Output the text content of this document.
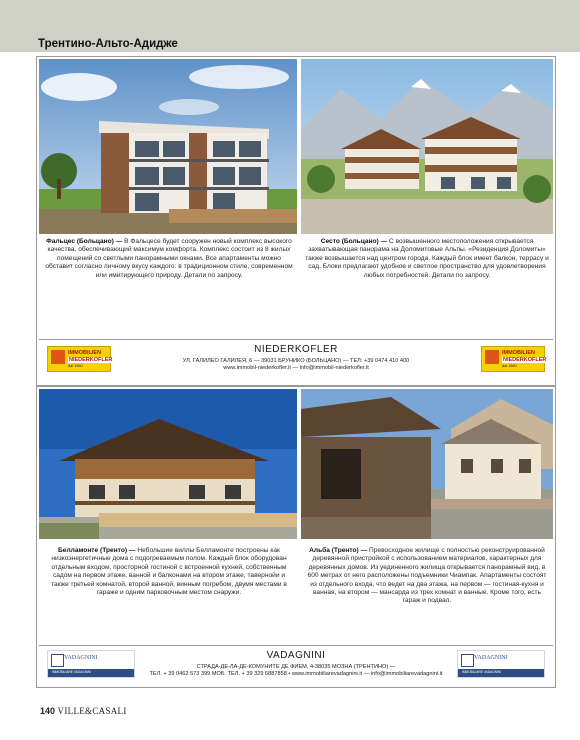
Трентино-Альто-Адидже
Фальцес (Больцано) — В Фальцесе будет сооружен новый комплекс высокого качества, обеспечивающий максимум комфорта. Комплекс состоит из 8 жилых помещений со светлыми панорамными окнами. Все апартаменты можно обставит согласно личному вкусу каждого: в традиционном стиле, современном или имитирующего природу. Детали по запросу.
Сесто (Больцано) — С возвышенного местоположения открывается захватывающая панорама на Доломитовые Альпы. «Резиденция Доломиты» также возвышается над центром города. Каждый блок имеет балкон, террасу и сад. Блоки предлагают удобное и светлое пространство для удовлетворения любых потребностей. Детали по запросу.
IMMOBILIEN
NIEDERKOFLER
dal 1960
NIEDERKOFLER
УЛ. ГАЛИЛЕО ГАЛИЛЕЯ, 6 — 39031 БРУНИКО (БОЛЬЦАНО) — ТЕЛ: +39 0474 410 400
www.immobil-niederkofler.it — info@immobil-niederkofler.it
IMMOBILIEN
NIEDERKOFLER
dal 1960
Белламонте (Тренто) — Небольшие виллы Белламонте построены как низкоэнергетичные дома с подогреваемым полом. Каждый блок оборудован отдельным входом, просторной гостиной с встроенной кухней, собственным садом на первом этаже, ванной и балконами на втором этаже, тавернойи и также третьей комнатой, второй ванной, винным погребом, двумя местами в гараже и одним парковочным местом снаружи.
Альба (Тренто) — Превосходное жилище с полностью реконструированной деревянной пристройкой с использованием материалов, характерных для деревянных домов. Из уединенного жилища открывается панорамный вид, в 600 метрах от него расположены подъемники Чиампак. Апартаменты состоят из отдельного входа, что ведет на два этажа, на первом — гостиная-кухня и ванная, на втором — мансарда из трех комнат и ванные. Кроме того, есть гараж и подвал.
VADAGNINI
IMMOBILIARE VADAGNINI
VADAGNINI
СТРАДА-ДЕ-ЛА-ДЕ-КОМУНИТЕ ДЕ ФИЕМ, 4-38035 МОЗНА (ТРЕНТИНО) —
ТЕЛ. + 39 0462 573 399 МОБ. ТЕЛ. + 39 329 6887858 • www.immobiliarevadagnini.it — info@immobiliarevadagnini.it
VADAGNINI
IMMOBILIARE VADAGNINI
140 VILLE&CASALI
